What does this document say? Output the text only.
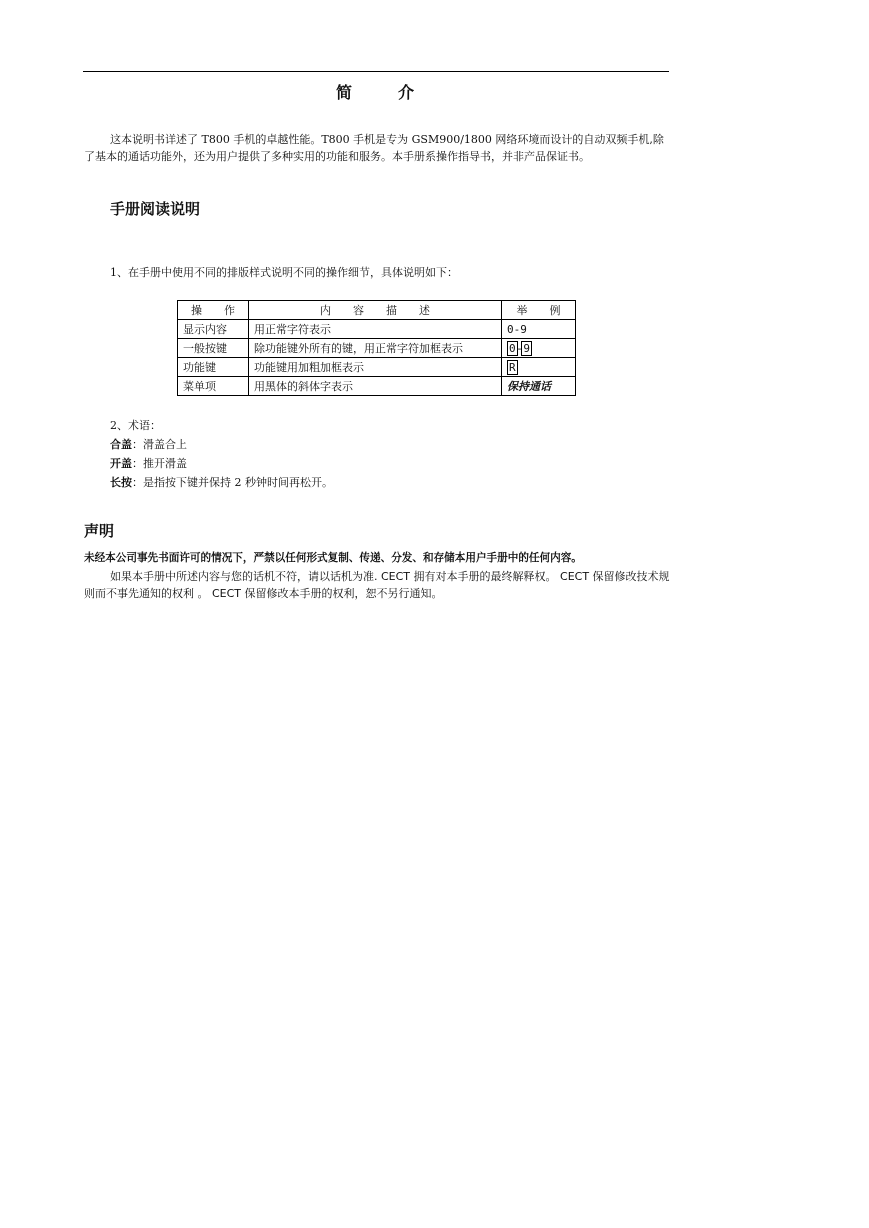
简	介

这本说明书详述了 T800 手机的卓越性能。T800 手机是专为 GSM900/1800 网络环境而设计的自动双频手机,除了基本的通话功能外，还为用户提供了多种实用的功能和服务。本手册系操作指导书，并非产品保证书。

手册阅读说明
1、在手册中使用不同的排版样式说明不同的操作细节，具体说明如下：
操　　作	内　　容　　描　　述	举　　例
显示内容	用正常字符表示	0-9
一般按键	除功能键外所有的键，用正常字符加框表示	0 - 9
功能键	功能键用加粗加框表示	R
菜单项	用黑体的斜体字表示	保持通话
2、术语：
合盖：滑盖合上
开盖：推开滑盖
长按：是指按下键并保持 2 秒钟时间再松开。
声明

未经本公司事先书面许可的情况下，严禁以任何形式复制、传递、分发、和存储本用户手册中的任何内容。

如果本手册中所述内容与您的话机不符，请以话机为准. CECT 拥有对本手册的最终解释权。 CECT 保留修改技术规则而不事先通知的权利 。 CECT 保留修改本手册的权利，恕不另行通知。
